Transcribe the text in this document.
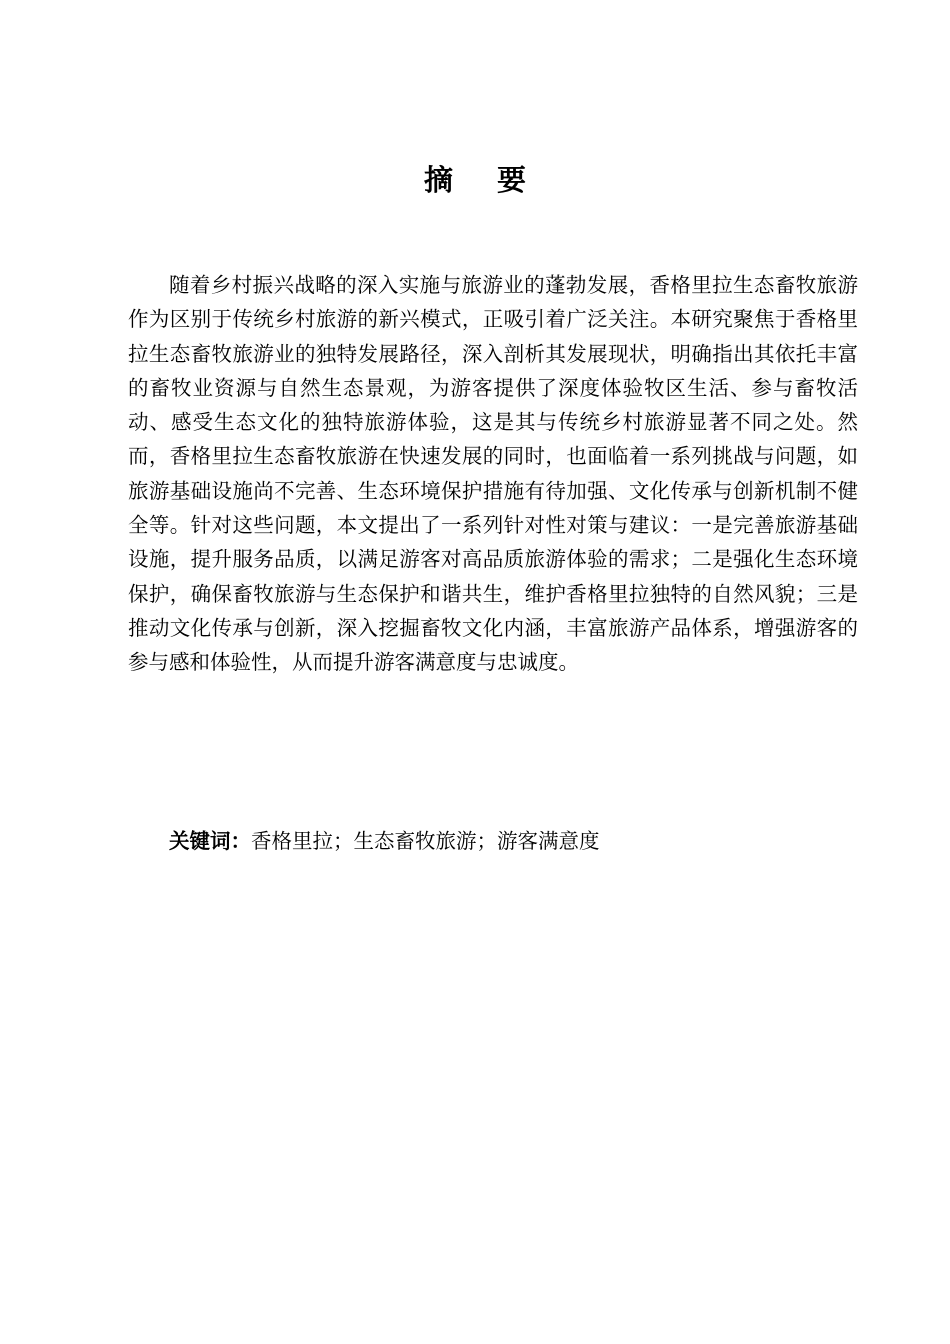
摘 要

随着乡村振兴战略的深入实施与旅游业的蓬勃发展，香格里拉生态畜牧旅游作为区别于传统乡村旅游的新兴模式，正吸引着广泛关注。本研究聚焦于香格里拉生态畜牧旅游业的独特发展路径，深入剖析其发展现状，明确指出其依托丰富的畜牧业资源与自然生态景观，为游客提供了深度体验牧区生活、参与畜牧活动、感受生态文化的独特旅游体验，这是其与传统乡村旅游显著不同之处。然而，香格里拉生态畜牧旅游在快速发展的同时，也面临着一系列挑战与问题，如旅游基础设施尚不完善、生态环境保护措施有待加强、文化传承与创新机制不健全等。针对这些问题，本文提出了一系列针对性对策与建议：一是完善旅游基础设施，提升服务品质，以满足游客对高品质旅游体验的需求；二是强化生态环境保护，确保畜牧旅游与生态保护和谐共生，维护香格里拉独特的自然风貌；三是推动文化传承与创新，深入挖掘畜牧文化内涵，丰富旅游产品体系，增强游客的参与感和体验性，从而提升游客满意度与忠诚度。

关键词：香格里拉；生态畜牧旅游；游客满意度
